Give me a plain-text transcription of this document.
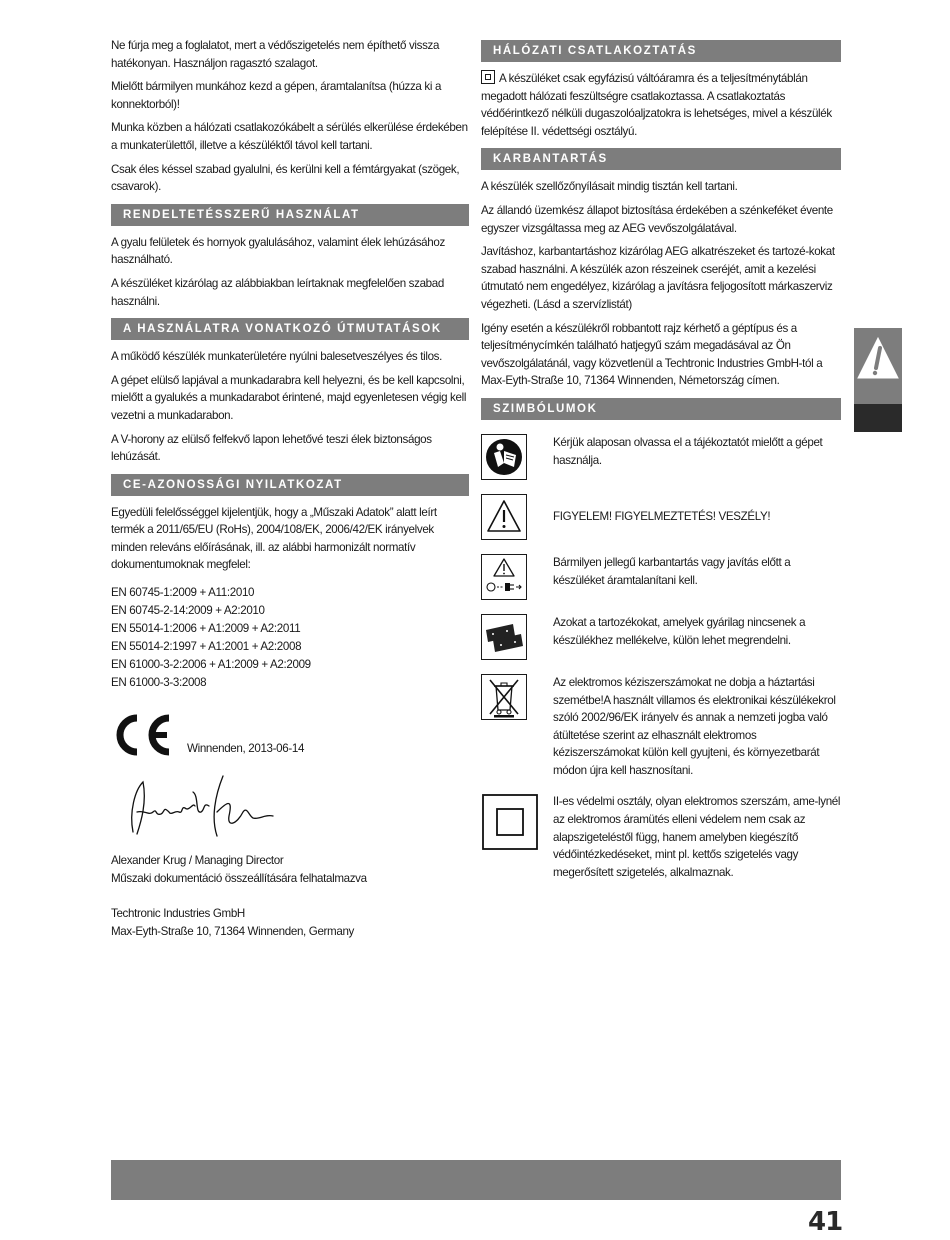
Ne fúrja meg a foglalatot, mert a védőszigetelés nem építhető vissza hatékonyan. Használjon ragasztó szalagot.

Mielőtt bármilyen munkához kezd a gépen, áramtalanítsa (húzza ki a konnektorból)!

Munka közben a hálózati csatlakozókábelt a sérülés elkerülése érdekében a munkaterülettől, illetve a készüléktől távol kell tartani.

Csak éles késsel szabad gyalulni, és kerülni kell a fémtárgyakat (szögek, csavarok).

RENDELTETÉSSZERŰ HASZNÁLAT

A gyalu felületek és hornyok gyalulásához, valamint élek lehúzásához használható.

A készüléket kizárólag az alábbiakban leírtaknak megfelelően szabad használni.

A HASZNÁLATRA VONATKOZÓ ÚTMUTATÁSOK

A működő készülék munkaterületére nyúlni balesetveszélyes és tilos.

A gépet elülső lapjával a munkadarabra kell helyezni, és be kell kapcsolni, mielőtt a gyalukés a munkadarabot érintené, majd egyenletesen végig kell vezetni a munkadarabon.

A V-horony az elülső felfekvő lapon lehetővé teszi élek biztonságos lehúzását.

CE-AZONOSSÁGI NYILATKOZAT

Egyedüli felelősséggel kijelentjük, hogy a „Műszaki Adatok” alatt leírt termék a 2011/65/EU (RoHs), 2004/108/EK, 2006/42/EK irányelvek minden releváns előírásának, ill. az alábbi harmonizált normatív dokumentumoknak megfelel:

EN 60745-1:2009 + A11:2010

EN 60745-2-14:2009 + A2:2010

EN 55014-1:2006 + A1:2009 + A2:2011

EN 55014-2:1997 + A1:2001 + A2:2008

EN 61000-3-2:2006 + A1:2009 + A2:2009

EN 61000-3-3:2008

Winnenden, 2013-06-14

Alexander Krug / Managing Director

Műszaki dokumentáció összeállítására felhatalmazva

Techtronic Industries GmbH

Max-Eyth-Straße 10, 71364 Winnenden, Germany

HÁLÓZATI CSATLAKOZTATÁS

A készüléket csak egyfázisú váltóáramra és a teljesítménytáblán megadott hálózati feszültségre csatlakoztassa. A csatlakoztatás védőérintkező nélküli dugaszolóaljzatokra is lehetséges, mivel a készülék felépítése II. védettségi osztályú.

KARBANTARTÁS

A készülék szellőzőnyílásait mindig tisztán kell tartani.

Az állandó üzemkész állapot biztosítása érdekében a szénkeféket évente egyszer vizsgáltassa meg az AEG vevőszolgálatával.

Javításhoz, karbantartáshoz kizárólag AEG alkatrészeket és tartozé-kokat szabad használni. A készülék azon részeinek cseréjét, amit a kezelési útmutató nem engedélyez, kizárólag a javításra feljogosított márkaszerviz végezheti. (Lásd a szervízlistát)

Igény esetén a készülékről robbantott rajz kérhető a géptípus és a teljesítménycímkén található hatjegyű szám megadásával az Ön vevőszolgálatánál, vagy közvetlenül a Techtronic Industries GmbH-tól a Max-Eyth-Straße 10, 71364 Winnenden, Németország címen.

SZIMBÓLUMOK

Kérjük alaposan olvassa el a tájékoztatót mielőtt a gépet használja.

FIGYELEM! FIGYELMEZTETÉS! VESZÉLY!

Bármilyen jellegű karbantartás vagy javítás előtt a készüléket áramtalanítani kell.

Azokat a tartozékokat, amelyek gyárilag nincsenek a készülékhez mellékelve, külön lehet megrendelni.

Az elektromos kéziszerszámokat ne dobja a háztartási szemétbe!A használt villamos és elektronikai készülékekrol szóló 2002/96/EK irányelv és annak a nemzeti jogba való átültetése szerint az elhasznált elektromos kéziszerszámokat külön kell gyujteni, és környezetbarát módon újra kell hasznosítani.

II-es védelmi osztály, olyan elektromos szerszám, ame-lynél az elektromos áramütés elleni védelem nem csak az alapszigeteléstől függ, hanem amelyben kiegészítő védőintézkedéseket, mint pl. kettős szigetelés vagy megerősített szigetelés, alkalmaznak.

41
